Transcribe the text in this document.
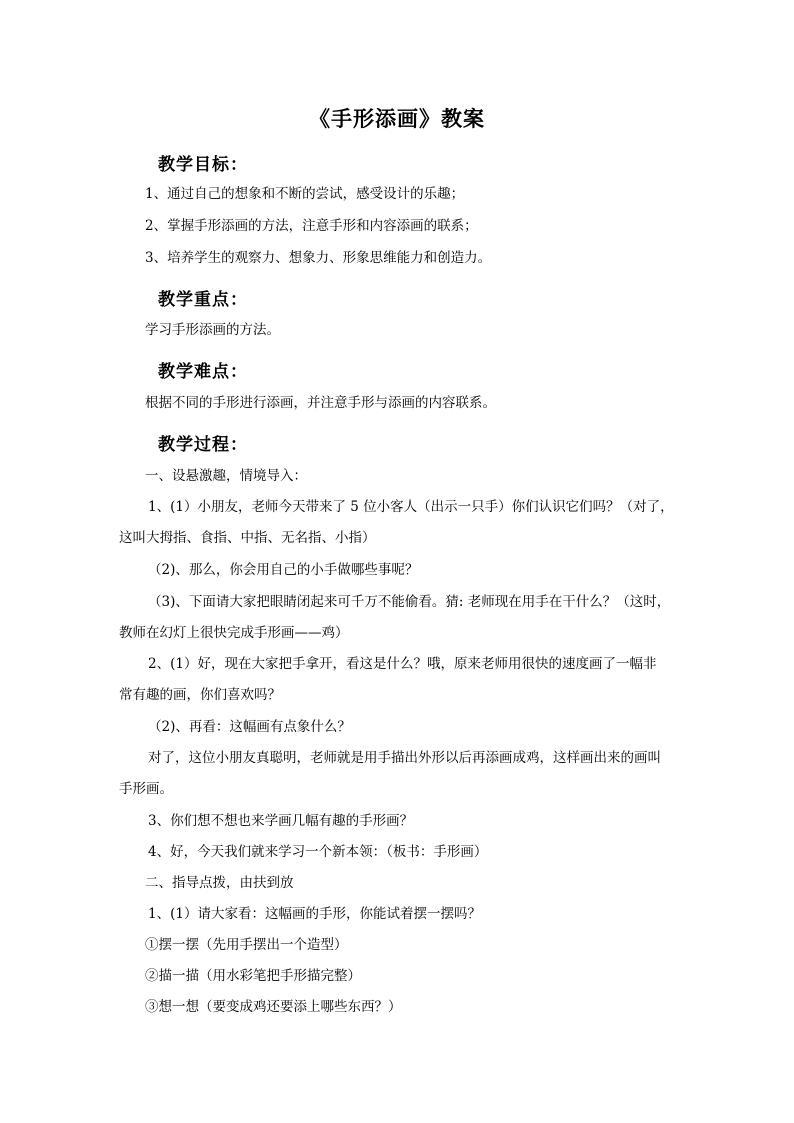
《手形添画》教案
教学目标：
1、通过自己的想象和不断的尝试，感受设计的乐趣；
2、掌握手形添画的方法，注意手形和内容添画的联系；
3、培养学生的观察力、想象力、形象思维能力和创造力。
教学重点：
学习手形添画的方法。
教学难点：
根据不同的手形进行添画，并注意手形与添画的内容联系。
教学过程：
一、设悬激趣，情境导入：
1、(1）小朋友，老师今天带来了 5 位小客人（出示一只手）你们认识它们吗？（对了，
这叫大拇指、食指、中指、无名指、小指）
（2)、那么，你会用自己的小手做哪些事呢？
（3)、下面请大家把眼睛闭起来可千万不能偷看。猜: 老师现在用手在干什么？（这时，
教师在幻灯上很快完成手形画——鸡）
2、(1）好，现在大家把手拿开，看这是什么？哦，原来老师用很快的速度画了一幅非
常有趣的画，你们喜欢吗？
（2)、再看：这幅画有点象什么？
对了，这位小朋友真聪明，老师就是用手描出外形以后再添画成鸡，这样画出来的画叫
手形画。
3、你们想不想也来学画几幅有趣的手形画？
4、好，今天我们就来学习一个新本领：（板书：手形画）
二、指导点拨，由扶到放
1、(1）请大家看：这幅画的手形，你能试着摆一摆吗？
①摆一摆（先用手摆出一个造型）
②描一描（用水彩笔把手形描完整）
③想一想（要变成鸡还要添上哪些东西？）
